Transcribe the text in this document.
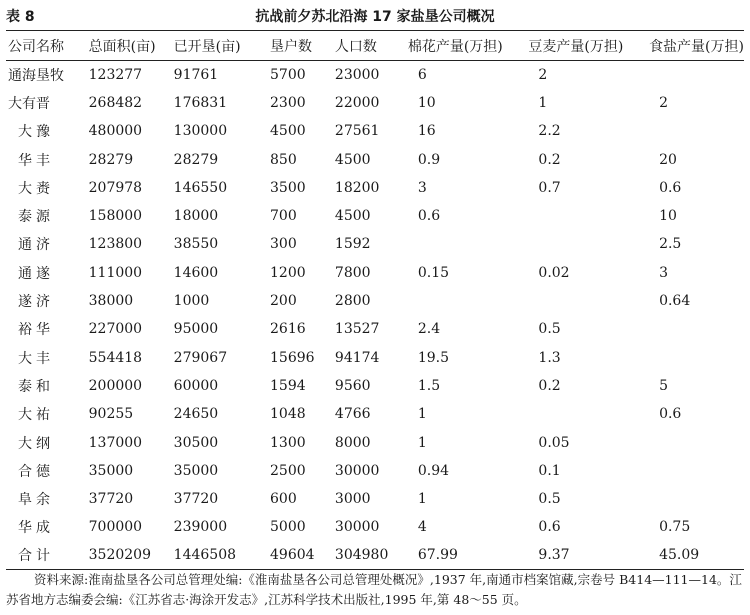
表 8	抗战前夕苏北沿海 17 家盐垦公司概况
公司名称	总面积(亩)	已开垦(亩)	垦户数	人口数	棉花产量(万担)	豆麦产量(万担)	食盐产量(万担)
通海垦牧	123277	91761	5700	23000	6	2	
大有晋	268482	176831	2300	22000	10	1	2
大豫	480000	130000	4500	27561	16	2.2	
华丰	28279	28279	850	4500	0.9	0.2	20
大赉	207978	146550	3500	18200	3	0.7	0.6
泰源	158000	18000	700	4500	0.6		10
通济	123800	38550	300	1592			2.5
通遂	111000	14600	1200	7800	0.15	0.02	3
遂济	38000	1000	200	2800			0.64
裕华	227000	95000	2616	13527	2.4	0.5	
大丰	554418	279067	15696	94174	19.5	1.3	
泰和	200000	60000	1594	9560	1.5	0.2	5
大祐	90255	24650	1048	4766	1		0.6
大纲	137000	30500	1300	8000	1	0.05	
合德	35000	35000	2500	30000	0.94	0.1	
阜余	37720	37720	600	3000	1	0.5	
华成	700000	239000	5000	30000	4	0.6	0.75
合计	3520209	1446508	49604	304980	67.99	9.37	45.09
资料来源:淮南盐垦各公司总管理处编:《淮南盐垦各公司总管理处概况》,1937 年,南通市档案馆藏,宗卷号 B414—111—14。江苏省地方志编委会编:《江苏省志·海涂开发志》,江苏科学技术出版社,1995 年,第 48～55 页。
